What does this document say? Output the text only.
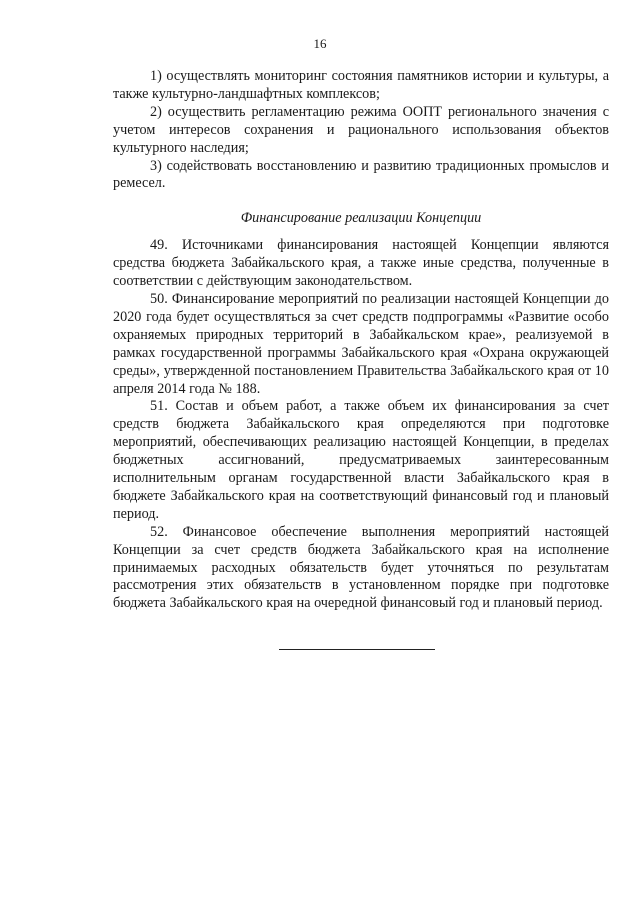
16

1) осуществлять мониторинг состояния памятников истории и культуры, а также культурно-ландшафтных комплексов;

2) осуществить регламентацию режима ООПТ регионального значения с учетом интересов сохранения и рационального использования объектов культурного наследия;

3) содействовать восстановлению и развитию традиционных промыслов и ремесел.

Финансирование реализации Концепции

49. Источниками финансирования настоящей Концепции являются средства бюджета Забайкальского края, а также иные средства, полученные в соответствии с действующим законодательством.

50. Финансирование мероприятий по реализации настоящей Концепции до 2020 года будет осуществляться за счет средств подпрограммы «Развитие особо охраняемых природных территорий в Забайкальском крае», реализуемой в рамках государственной программы Забайкальского края «Охрана окружающей среды», утвержденной постановлением Правительства Забайкальского края от 10 апреля 2014 года № 188.

51. Состав и объем работ, а также объем их финансирования за счет средств бюджета Забайкальского края определяются при подготовке мероприятий, обеспечивающих реализацию настоящей Концепции, в пределах бюджетных ассигнований, предусматриваемых заинтересованным исполнительным органам государственной власти Забайкальского края в бюджете Забайкальского края на соответствующий финансовый год и плановый период.

52. Финансовое обеспечение выполнения мероприятий настоящей Концепции за счет средств бюджета Забайкальского края на исполнение принимаемых расходных обязательств будет уточняться по результатам рассмотрения этих обязательств в установленном порядке при подготовке бюджета Забайкальского края на очередной финансовый год и плановый период.
